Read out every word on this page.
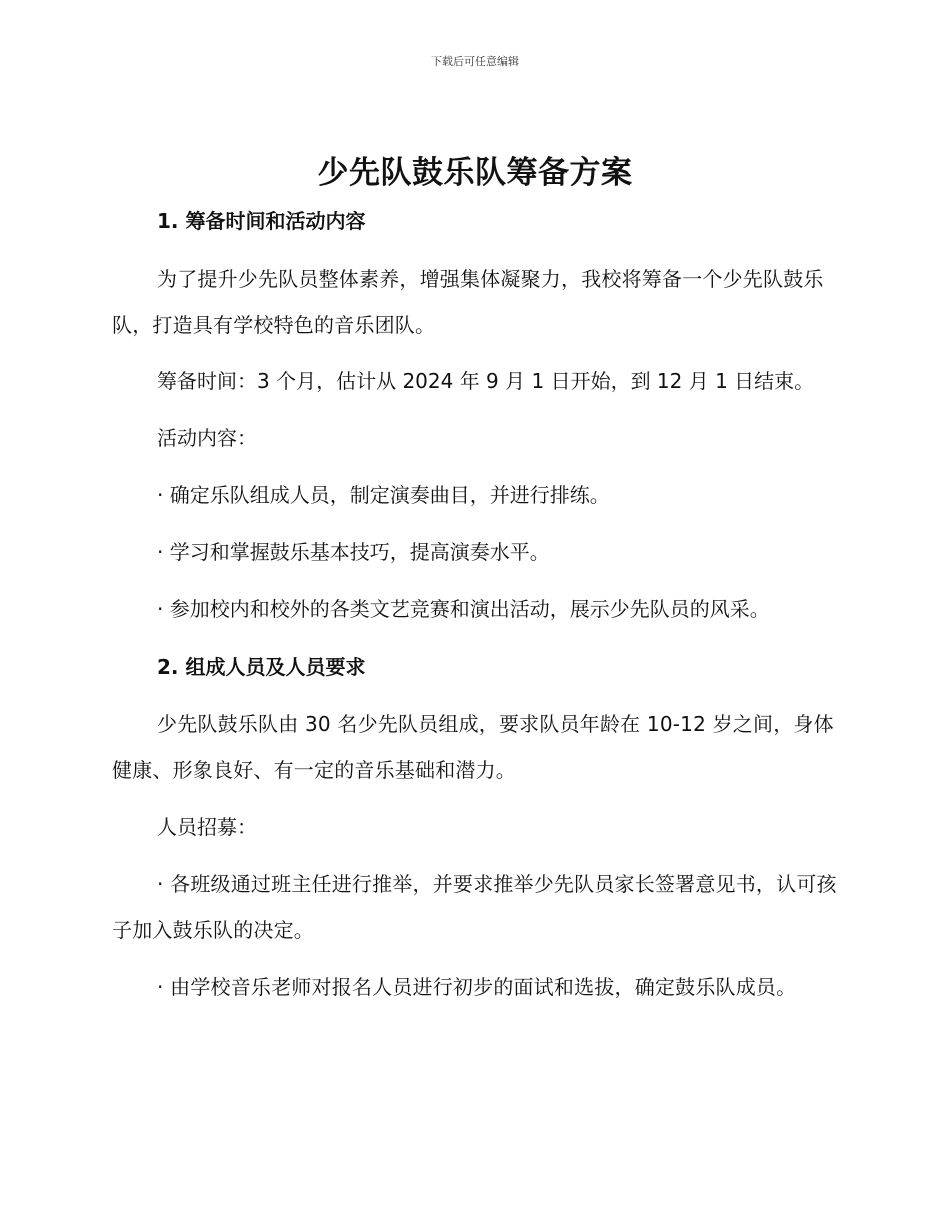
下载后可任意编辑
少先队鼓乐队筹备方案
1. 筹备时间和活动内容

为了提升少先队员整体素养，增强集体凝聚力，我校将筹备一个少先队鼓乐队，打造具有学校特色的音乐团队。

筹备时间：3 个月，估计从 2024 年 9 月 1 日开始，到 12 月 1 日结束。

活动内容：

· 确定乐队组成人员，制定演奏曲目，并进行排练。

· 学习和掌握鼓乐基本技巧，提高演奏水平。

· 参加校内和校外的各类文艺竞赛和演出活动，展示少先队员的风采。

2. 组成人员及人员要求

少先队鼓乐队由 30 名少先队员组成，要求队员年龄在 10-12 岁之间，身体健康、形象良好、有一定的音乐基础和潜力。

人员招募：

· 各班级通过班主任进行推举，并要求推举少先队员家长签署意见书，认可孩子加入鼓乐队的决定。

· 由学校音乐老师对报名人员进行初步的面试和选拔，确定鼓乐队成员。
